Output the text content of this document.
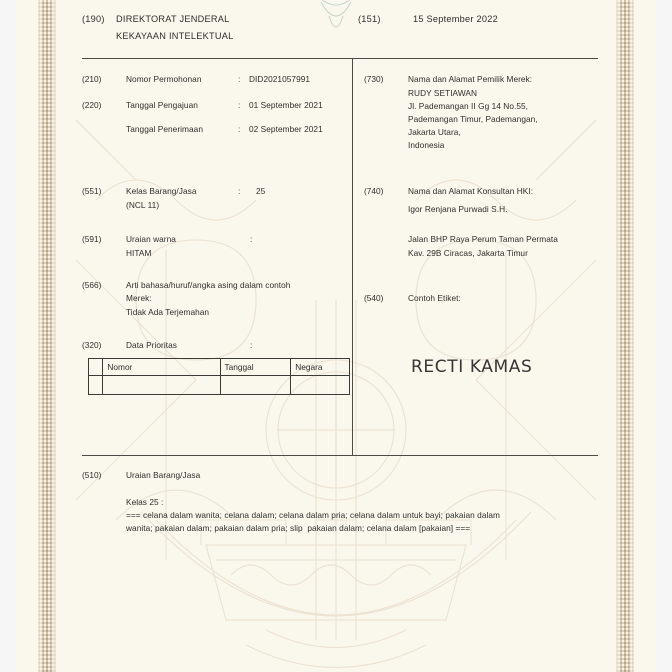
(190) DIREKTORAT JENDERAL
KEKAYAAN INTELEKTUAL
(151)	15 September 2022
(210)	Nomor Permohonan	: DID2021057991
(220)	Tanggal Pengajuan	: 01 September 2021
Tanggal Penerimaan	: 02 September 2021
(551)	Kelas Barang/Jasa	: 25
(NCL 11)
(591)	Uraian warna	:
HITAM
(566)	Arti bahasa/huruf/angka asing dalam contoh
Merek:
Tidak Ada Terjemahan
(320)	Data Prioritas	:
	Nomor	Tanggal	Negara

(730)	Nama dan Alamat Pemilik Merek:
RUDY SETIAWAN
Jl. Pademangan II Gg 14 No.55,
Pademangan Timur, Pademangan,
Jakarta Utara,
Indonesia
(740)	Nama dan Alamat Konsultan HKI:
Igor Renjana Purwadi S.H.
Jalan BHP Raya Perum Taman Permata
Kav. 29B Ciracas, Jakarta Timur
(540)	Contoh Etiket:
RECTI KAMAS
(510)	Uraian Barang/Jasa
Kelas 25 :
=== celana dalam wanita; celana dalam; celana dalam pria; celana dalam untuk bayi; pakaian dalam
wanita; pakaian dalam; pakaian dalam pria; slip  pakaian dalam; celana dalam [pakaian] ===
